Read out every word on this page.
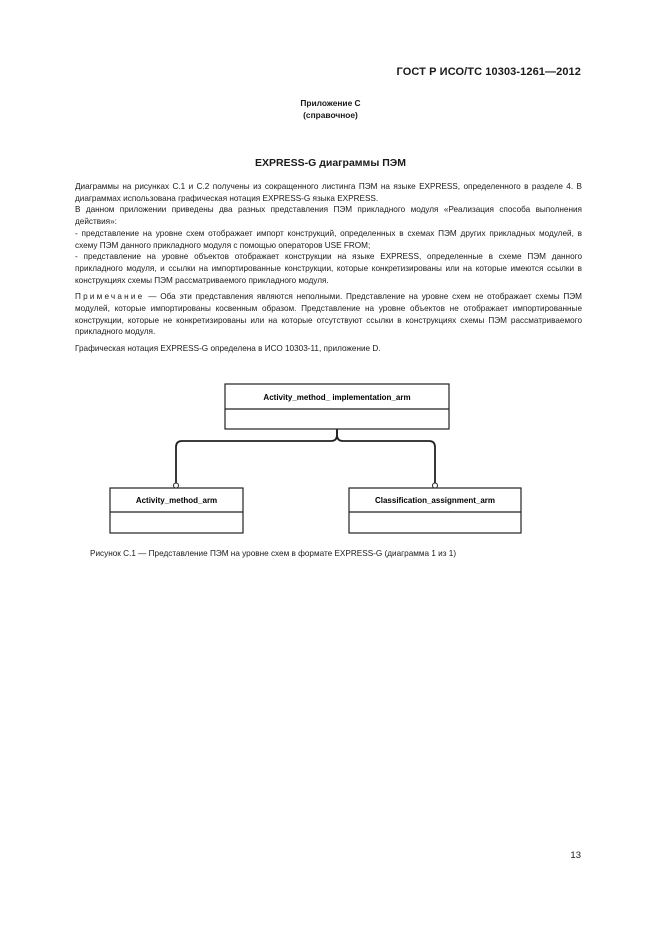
ГОСТ Р ИСО/ТС 10303-1261—2012
Приложение С
(справочное)
EXPRESS-G диаграммы ПЭМ

Диаграммы на рисунках С.1 и С.2 получены из сокращенного листинга ПЭМ на языке EXPRESS, определенного в разделе 4. В диаграммах использована графическая нотация EXPRESS-G языка EXPRESS.

В данном приложении приведены два разных представления ПЭМ прикладного модуля «Реализация способа выполнения действия»:

- представление на уровне схем отображает импорт конструкций, определенных в схемах ПЭМ других прикладных модулей, в схему ПЭМ данного прикладного модуля с помощью операторов USE FROM;

- представление на уровне объектов отображает конструкции на языке EXPRESS, определенные в схеме ПЭМ данного прикладного модуля, и ссылки на импортированные конструкции, которые конкретизированы или на которые имеются ссылки в конструкциях схемы ПЭМ рассматриваемого прикладного модуля.

Примечание — Оба эти представления являются неполными. Представление на уровне схем не отображает схемы ПЭМ модулей, которые импортированы косвенным образом. Представление на уровне объектов не отображает импортированные конструкции, которые не конкретизированы или на которые отсутствуют ссылки в конструкциях схемы ПЭМ рассматриваемого прикладного модуля.

Графическая нотация EXPRESS-G определена в ИСО 10303-11, приложение D.

Activity_method_ implementation_arm
Activity_method_arm	Classification_assignment_arm
Рисунок С.1 — Представление ПЭМ на уровне схем в формате EXPRESS-G (диаграмма 1 из 1)
13
